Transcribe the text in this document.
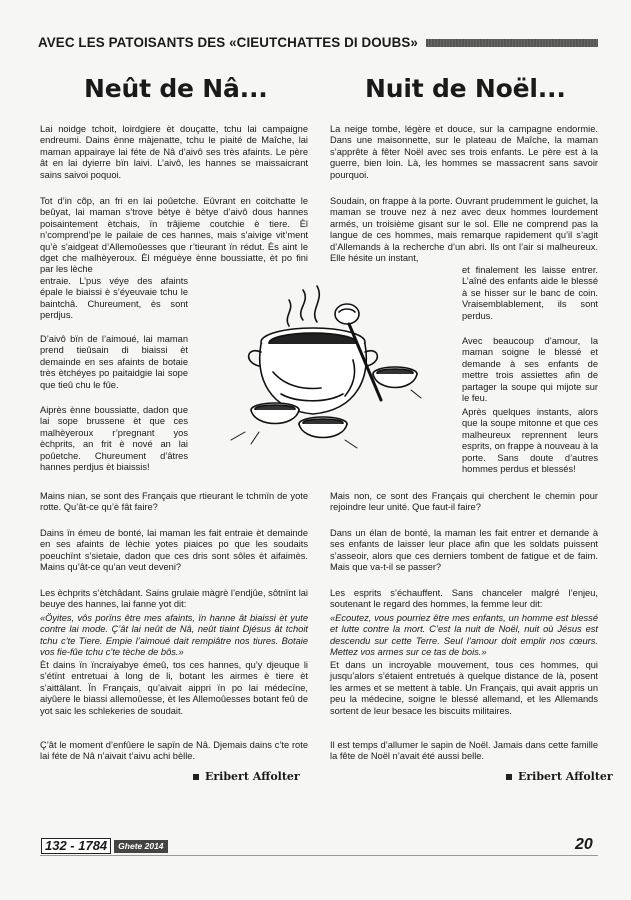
AVEC LES PATOISANTS DES «CIEUTCHATTES DI DOUBS»
Neût de Nâ...	Nuit de Noël...

Lai noidge tchoit, loirdgiere èt douçatte, tchu lai campaigne endreumi. Dains ènne màjenatte, tchu le piaité de Maîche, lai maman appairaye lai féte de Nâ d’aivô ses très afaints. Le père ât en lai dyierre bïn laivi. L’aivô, les hannes se maissaicrant sains saivoi poquoi.

Tot d’in cõp, an fri en lai poûetche. Eûvrant en coitchatte le beûyat, lai maman s’trove bètye è bètye d’aivô dous hannes poisaintement ètchais, ïn trâjieme coutchie è tiere. Èl n’comprend’pe le pailaie de ces hannes, mais s’aivige vit’ment qu’è s’aidgeat d’Allemoûesses que r’tieurant ïn rédut. Ès aint le dget che malhèyeroux. Èl méguèye ènne boussiatte, èt po fini par les lèche

entraie. L’pus véye des afaints épale le biaissi è s’éyeuvaie tchu le baintchâ. Chureument, ès sont perdjus.

D’aivô bïn de l’aimoué, lai maman prend tieûsain di biaissi èt demainde en ses afaints de botaie très ètchéyes po paitaidgie lai sope que tieû chu le fûe.

Aiprès ènne boussiatte, dadon que lai sope brussene èt que ces malhèyeroux r’pregnant yos èchprits, an frit è nové an lai poûetche. Chureument d’âtres hannes perdjus èt biaissis!

Mains nian, se sont des Français que rtieurant le tchmïn de yote rotte. Qu’ât-ce qu’è fât faire?

Dains ïn émeu de bonté, lai maman les fait entraie èt demainde en ses afaints de lèchie yotes piaices po que les soudaits poeuchïnt s’sietaie, dadon que ces dris sont sôles èt aifaimès. Mains qu’ât-ce qu’an veut deveni?

Les èchprits s’ètchâdant. Sains grulaie màgrè l’endjûe, sôtnïnt lai beuye des hannes, lai fanne yot dit:

«Öyites, vôs porïns être mes afaints, ïn hanne ât biaissi èt yute contre lai mode. Ç’ât lai neût de Nâ, neût tiaint Djésus ât tchoit tchu c’te Tiere. Empie l’aimoué dait rempiâtre nos tiures. Botaie vos fie-fûe tchu c’te tèche de bôs.»

Èt dains ïn ïncraiyabye émeû, tos ces hannes, qu’y djeuque li s’étïnt entretuai à long de li, botant les airmes è tiere èt s’aittâlant. Ïn Français, qu’aivait aippri ïn po lai médecïne, aiyûere le biassi allemoûesse, èt les Allemoûesses botant feû de yot saic les schlekeries de soudait.

Ç’ât le moment d’enfûere le sapïn de Nâ. Djemais dains c’te rote lai féte de Nâ n’aivait t’aivu achi bèlle.

Eribert Affolter

La neige tombe, légère et douce, sur la campagne endormie. Dans une maisonnette, sur le plateau de Maîche, la maman s’apprête à fêter Noël avec ses trois enfants. Le père est à la guerre, bien loin. Là, les hommes se massacrent sans savoir pourquoi.

Soudain, on frappe à la porte. Ouvrant prudemment le guichet, la maman se trouve nez à nez avec deux hommes lourdement armés, un troisième gisant sur le sol. Elle ne comprend pas la langue de ces hommes, mais remarque rapidement qu’il s’agit d’Allemands à la recherche d’un abri. Ils ont l’air si malheureux. Elle hésite un instant,

et finalement les laisse entrer. L’aîné des enfants aide le blessé à se hisser sur le banc de coin. Vraisemblablement, ils sont perdus.

Avec beaucoup d’amour, la maman soigne le blessé et demande à ses enfants de mettre trois assiettes afin de partager la soupe qui mijote sur le feu.

Après quelques instants, alors que la soupe mitonne et que ces malheureux reprennent leurs esprits, on frappe à nouveau à la porte. Sans doute d’autres hommes perdus et blessés!

Mais non, ce sont des Français qui cherchent le chemin pour rejoindre leur unité. Que faut-il faire?

Dans un élan de bonté, la maman les fait entrer et demande à ses enfants de laisser leur place afin que les soldats puissent s’asseoir, alors que ces derniers tombent de fatigue et de faim. Mais que va-t-il se passer?

Les esprits s’échauffent. Sans chanceler malgré l’enjeu, soutenant le regard des hommes, la femme leur dit:

«Ecoutez, vous pourriez être mes enfants, un homme est blessé et lutte contre la mort. C’est la nuit de Noël, nuit où Jésus est descendu sur cette Terre. Seul l’amour doit emplir nos cœurs. Mettez vos armes sur ce tas de bois.»

Et dans un incroyable mouvement, tous ces hommes, qui jusqu’alors s’étaient entretués à quelque distance de là, posent les armes et se mettent à table. Un Français, qui avait appris un peu la médecine, soigne le blessé allemand, et les Allemands sortent de leur besace les biscuits militaires.

Il est temps d’allumer le sapin de Noël. Jamais dans cette famille la fête de Noël n’avait été aussi belle.

Eribert Affolter
132 - 1784	Ghete 2014	20
